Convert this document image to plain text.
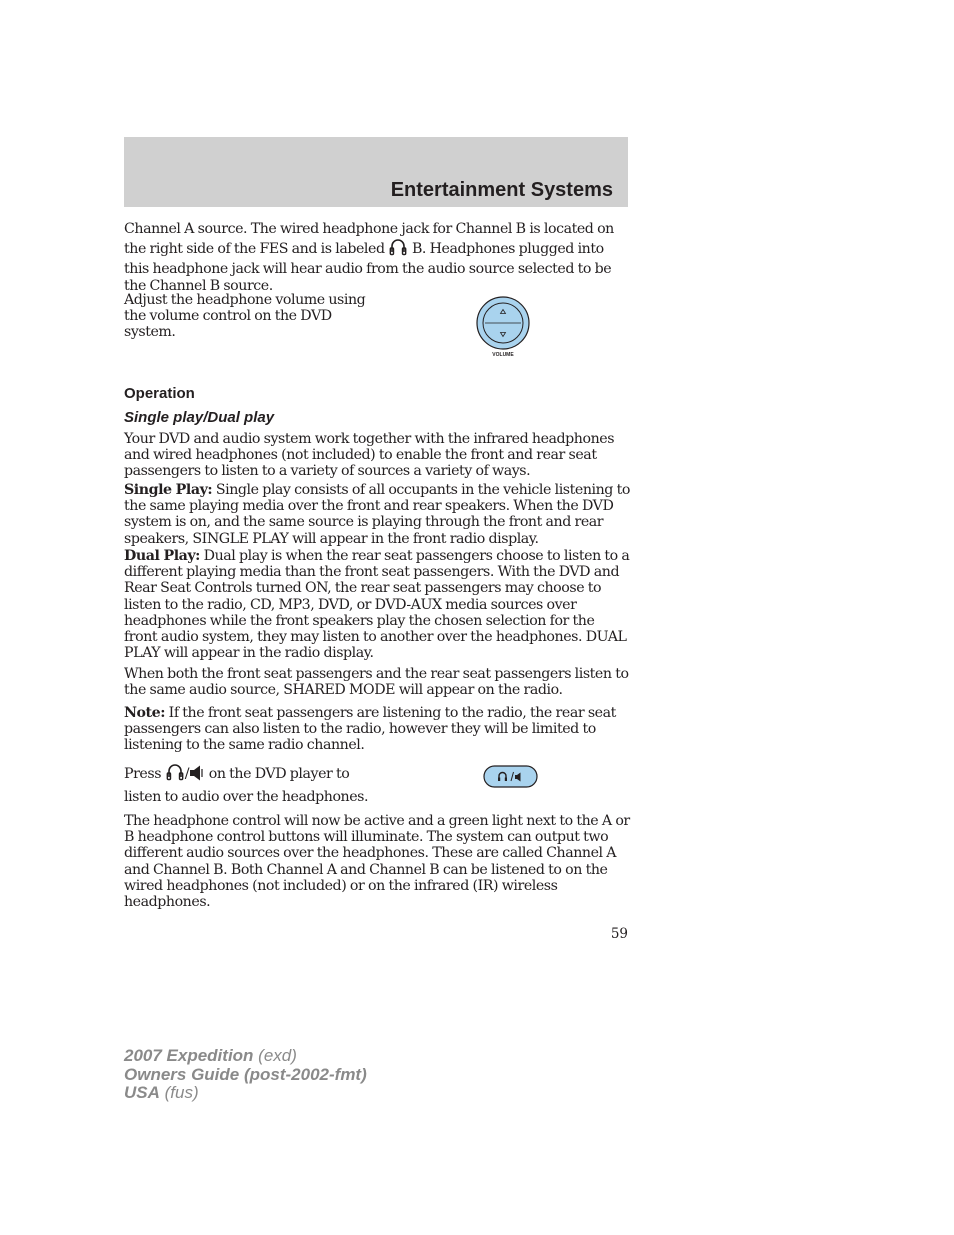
Entertainment Systems
Channel A source. The wired headphone jack for Channel B is located on the right side of the FES and is labeled B. Headphones plugged into this headphone jack will hear audio from the audio source selected to be the Channel B source.
Adjust the headphone volume using the volume control on the DVD system.
VOLUME
Operation
Single play/Dual play
Your DVD and audio system work together with the infrared headphones and wired headphones (not included) to enable the front and rear seat passengers to listen to a variety of sources a variety of ways.
Single Play: Single play consists of all occupants in the vehicle listening to the same playing media over the front and rear speakers. When the DVD system is on, and the same source is playing through the front and rear speakers, SINGLE PLAY will appear in the front radio display.
Dual Play: Dual play is when the rear seat passengers choose to listen to a different playing media than the front seat passengers. With the DVD and Rear Seat Controls turned ON, the rear seat passengers may choose to listen to the radio, CD, MP3, DVD, or DVD-AUX media sources over headphones while the front speakers play the chosen selection for the front audio system, they may listen to another over the headphones. DUAL PLAY will appear in the radio display.
When both the front seat passengers and the rear seat passengers listen to the same audio source, SHARED MODE will appear on the radio.
Note: If the front seat passengers are listening to the radio, the rear seat passengers can also listen to the radio, however they will be limited to listening to the same radio channel.
Press / on the DVD player to listen to audio over the headphones.
The headphone control will now be active and a green light next to the A or B headphone control buttons will illuminate. The system can output two different audio sources over the headphones. These are called Channel A and Channel B. Both Channel A and Channel B can be listened to on the wired headphones (not included) or on the infrared (IR) wireless headphones.
59
2007 Expedition (exd)
Owners Guide (post-2002-fmt)
USA (fus)
